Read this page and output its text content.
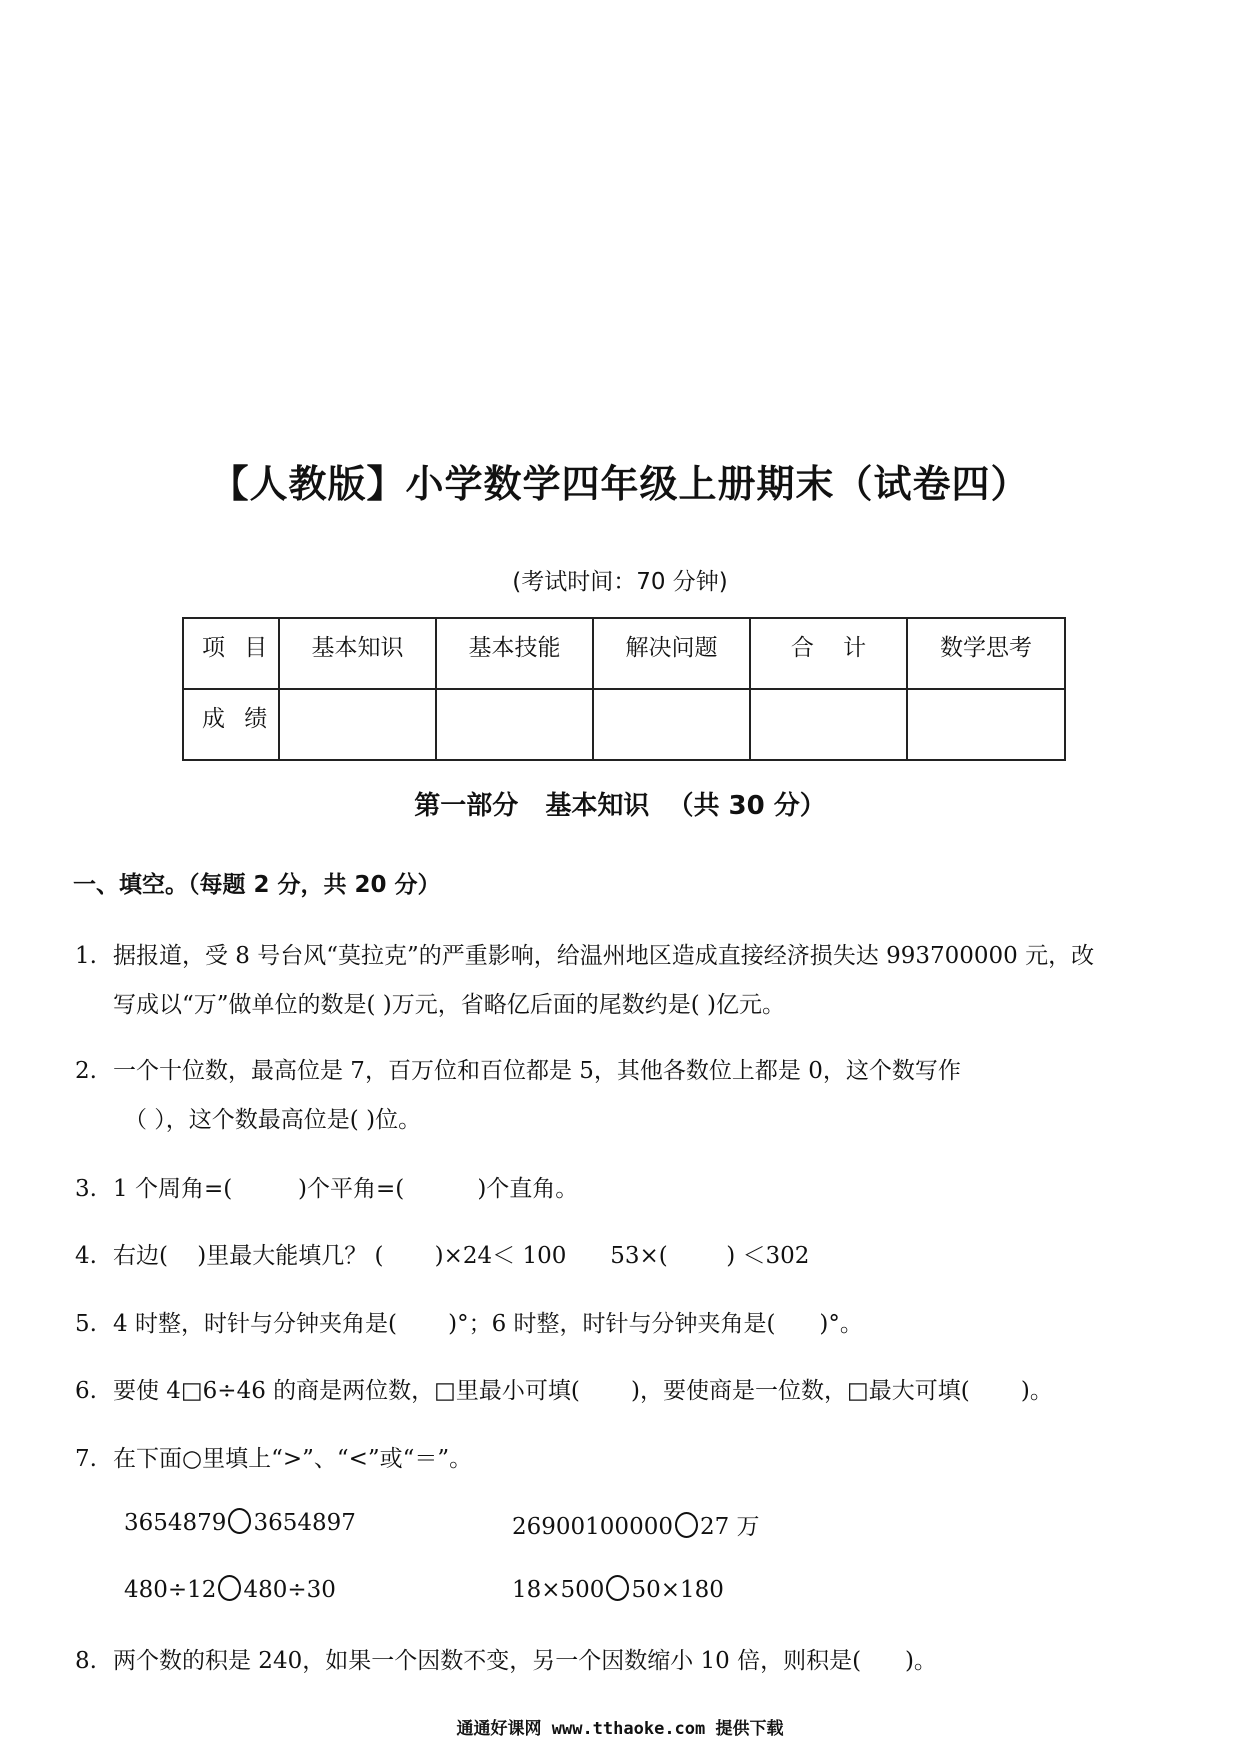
【人教版】小学数学四年级上册期末（试卷四）
(考试时间：70 分钟)
项 目	基本知识	基本技能	解决问题	合    计	数学思考
成 绩					
第一部分   基本知识  （共 30 分）
一、填空。（每题 2 分，共 20 分）
1. 据报道，受 8 号台风“莫拉克”的严重影响，给温州地区造成直接经济损失达 993700000 元，改
写成以“万”做单位的数是( )万元，省略亿后面的尾数约是( )亿元。
2. 一个十位数，最高位是 7，百万位和百位都是 5，其他各数位上都是 0，这个数写作
（ ），这个数最高位是( )位。
3. 1 个周角=(         )个平角=(          )个直角。
4. 右边(    )里最大能填几？ (       )×24＜ 100      53×(        ) ＜302
5. 4 时整，时针与分钟夹角是(       )°；6 时整，时针与分钟夹角是(      )°。
6. 要使 4□6÷46 的商是两位数，□里最小可填(       )，要使商是一位数，□最大可填(       )。
7. 在下面○里填上“>”、“<”或“＝”。
3654879 3654897	26900100000 27 万
480÷12 480÷30	18×500 50×180
8. 两个数的积是 240，如果一个因数不变，另一个因数缩小 10 倍，则积是(      )。
通通好课网 www.tthaoke.com 提供下载
